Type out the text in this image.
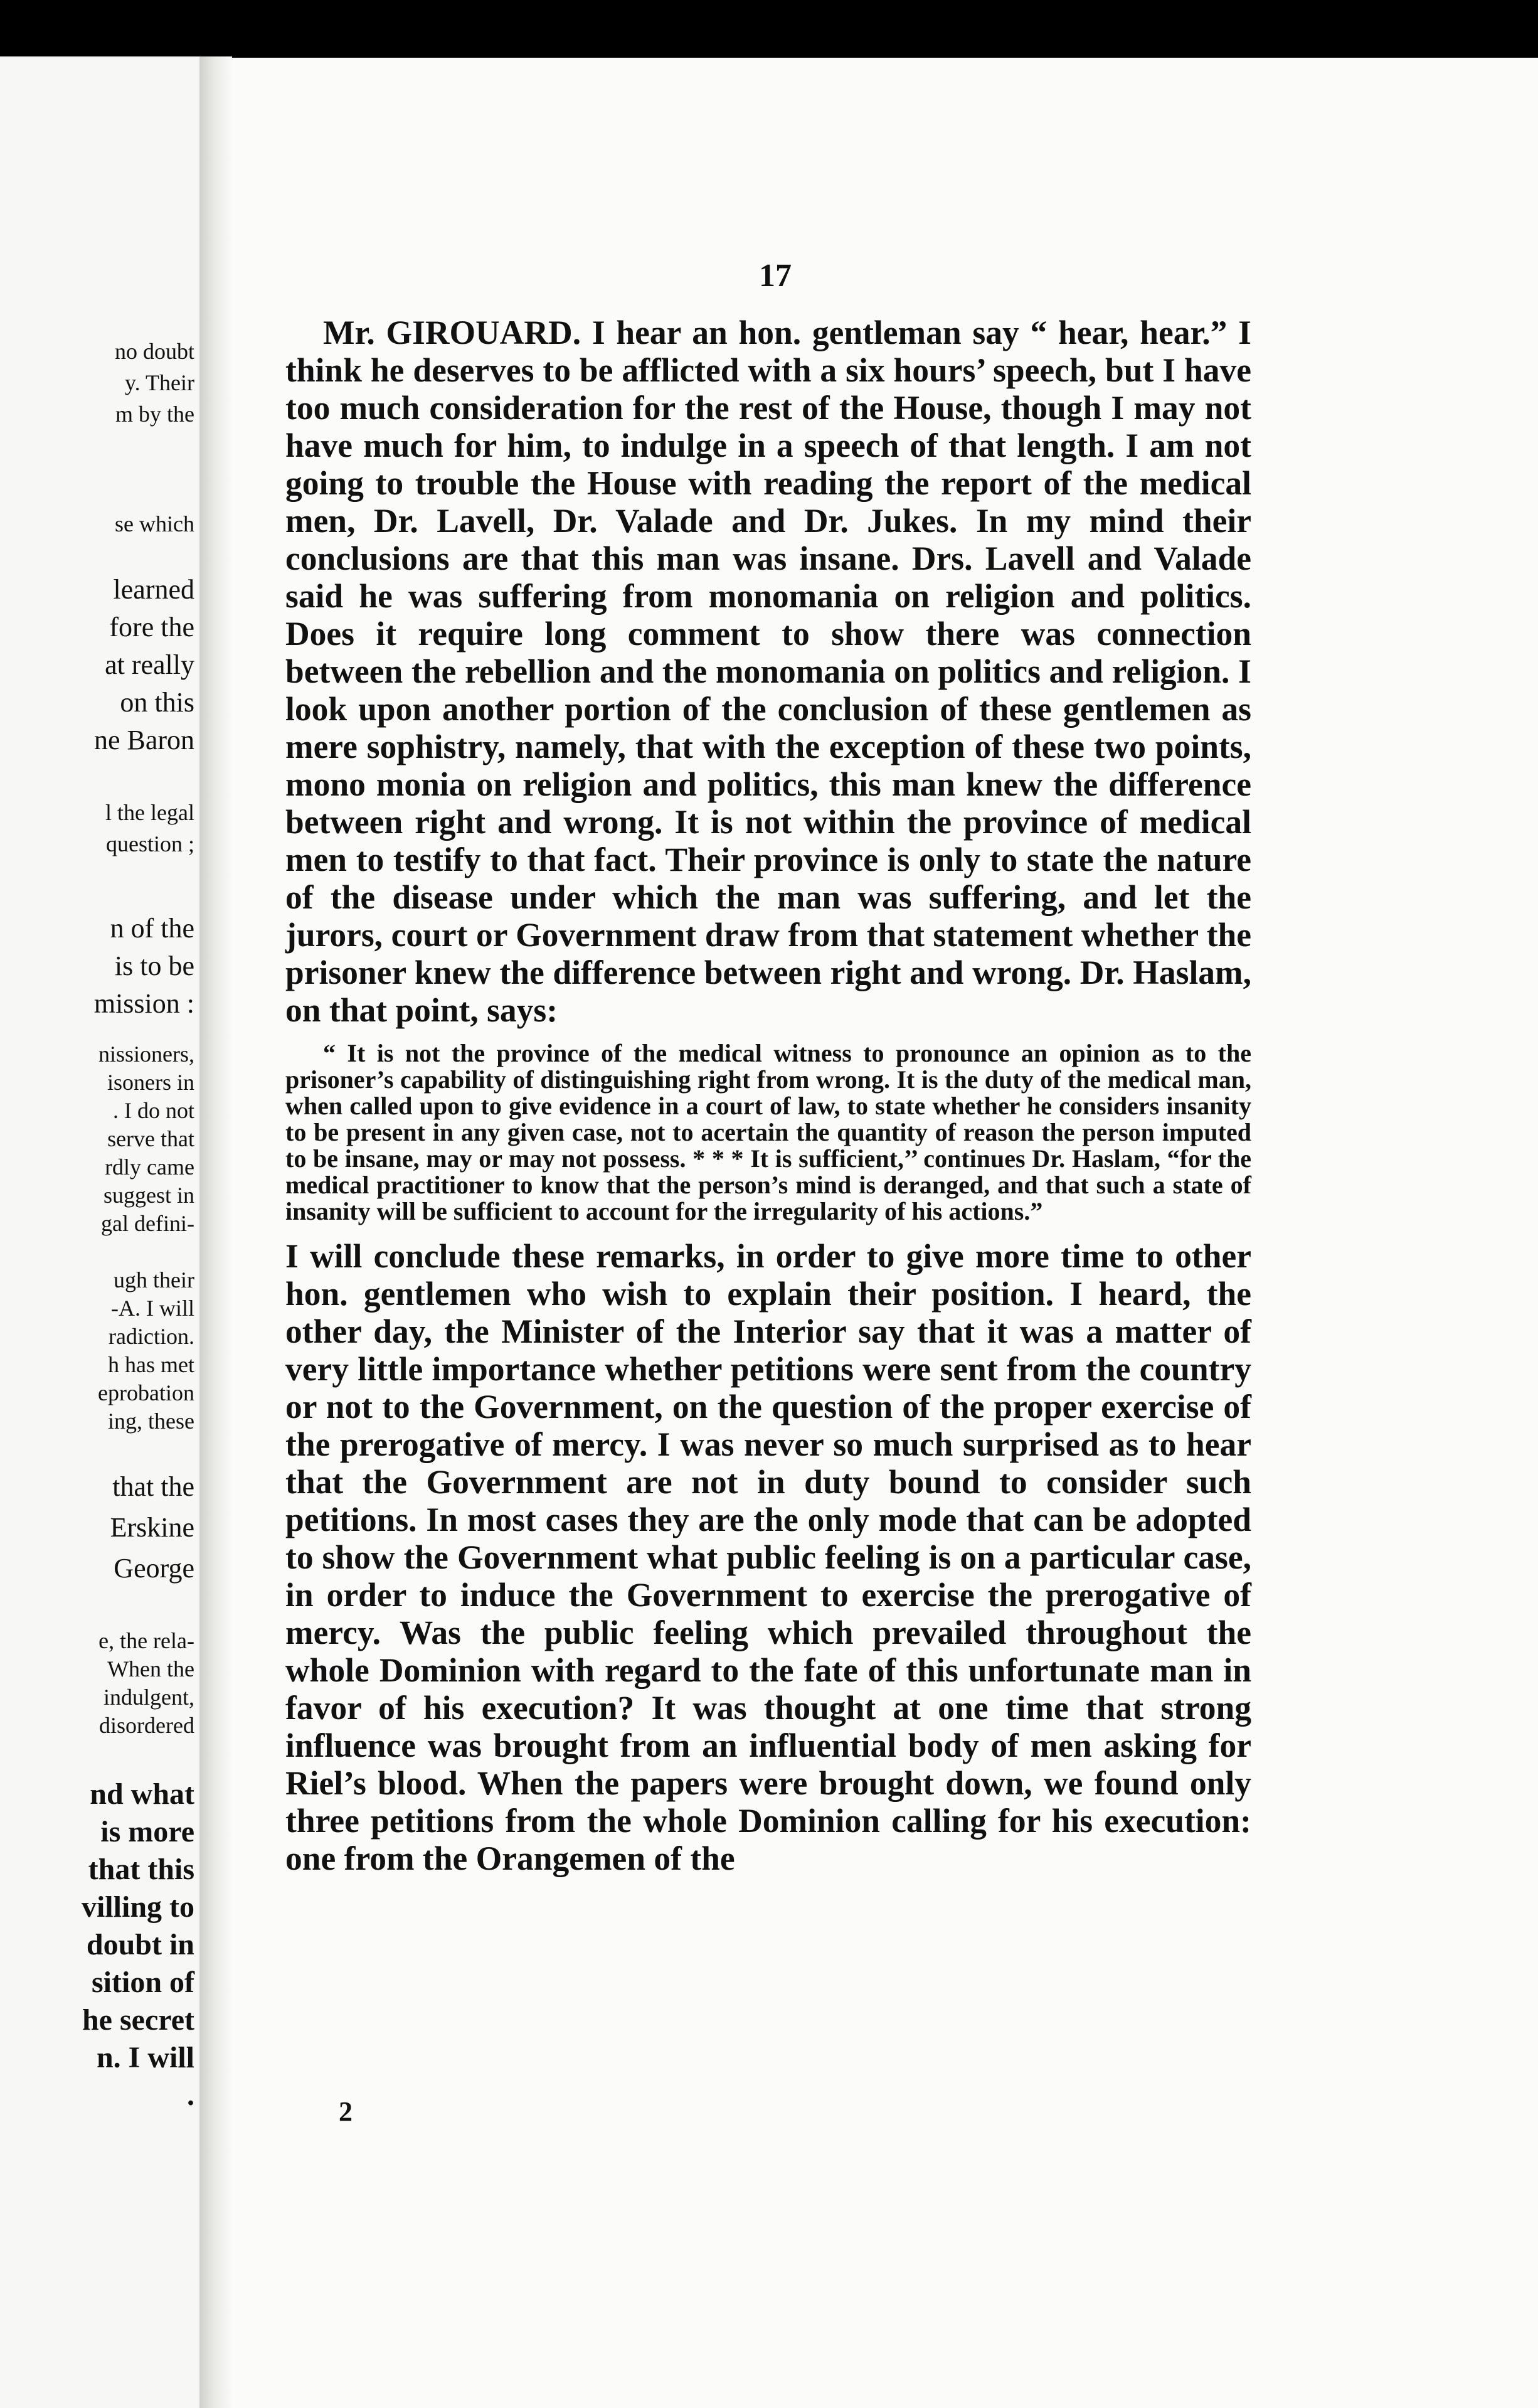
no doubt
y. Their
m by the
se which
learned
fore the
at really
on this
ne Baron
l the legal
question ;
n of the
is to be
mission :
nissioners,
isoners in
. I do not
serve that
rdly came
suggest in
gal defini-
ugh their
-A. I will
radiction.
h has met
eprobation
ing, these
that the
Erskine
George
e, the rela-
When the
indulgent,
disordered
nd what
is more
that this
villing to
doubt in
sition of
he secret
n. I will
.
17

Mr. GIROUARD. I hear an hon. gentleman say “ hear, hear.” I think he deserves to be afflicted with a six hours’ speech, but I have too much consideration for the rest of the House, though I may not have much for him, to indulge in a speech of that length. I am not going to trouble the House with reading the report of the medical men, Dr. Lavell, Dr. Valade and Dr. Jukes. In my mind their conclusions are that this man was insane. Drs. Lavell and Valade said he was suffering from monomania on religion and politics. Does it require long comment to show there was connection between the rebellion and the monomania on politics and religion. I look upon another portion of the conclusion of these gentlemen as mere sophistry, namely, that with the exception of these two points, mono monia on religion and politics, this man knew the difference between right and wrong. It is not within the province of medical men to testify to that fact. Their province is only to state the nature of the disease under which the man was suffering, and let the jurors, court or Government draw from that statement whether the prisoner knew the difference between right and wrong. Dr. Haslam, on that point, says:

“ It is not the province of the medical witness to pronounce an opinion as to the prisoner’s capability of distinguishing right from wrong. It is the duty of the medical man, when called upon to give evidence in a court of law, to state whether he considers insanity to be present in any given case, not to acertain the quantity of reason the person imputed to be insane, may or may not possess. * * * It is sufficient,’’ continues Dr. Haslam, “for the medical practitioner to know that the person’s mind is deranged, and that such a state of insanity will be sufficient to account for the irregularity of his actions.”

I will conclude these remarks, in order to give more time to other hon. gentlemen who wish to explain their position. I heard, the other day, the Minister of the Interior say that it was a matter of very little importance whether petitions were sent from the country or not to the Government, on the question of the proper exercise of the prerogative of mercy. I was never so much surprised as to hear that the Government are not in duty bound to consider such petitions. In most cases they are the only mode that can be adopted to show the Government what public feeling is on a particular case, in order to induce the Government to exercise the prerogative of mercy. Was the public feeling which prevailed throughout the whole Dominion with regard to the fate of this unfortunate man in favor of his execution? It was thought at one time that strong influence was brought from an influential body of men asking for Riel’s blood. When the papers were brought down, we found only three petitions from the whole Dominion calling for his execution: one from the Orangemen of the

2
